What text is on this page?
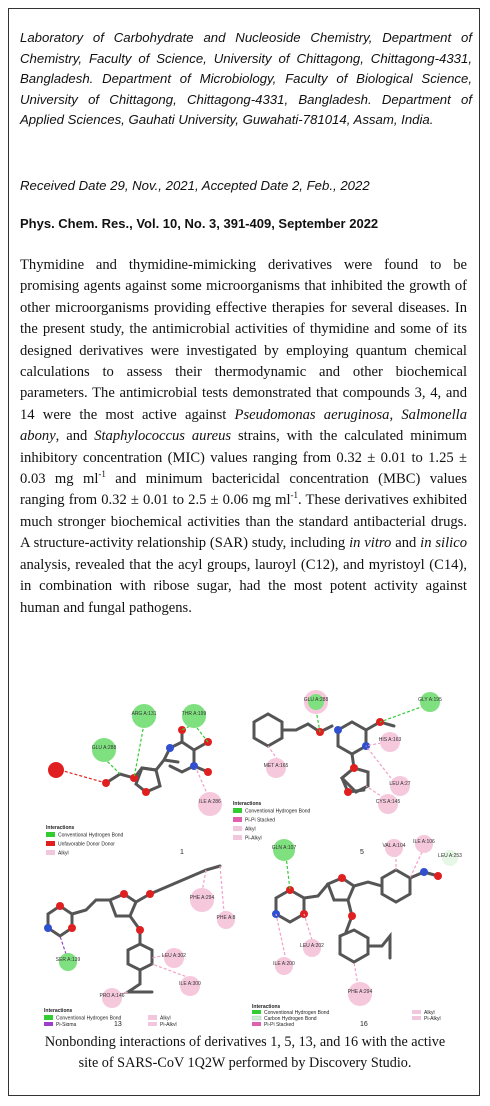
Laboratory of Carbohydrate and Nucleoside Chemistry, Department of Chemistry, Faculty of Science, University of Chittagong, Chittagong-4331, Bangladesh. Department of Microbiology, Faculty of Biological Science, University of Chittagong, Chittagong-4331, Bangladesh. Department of Applied Sciences, Gauhati University, Guwahati-781014, Assam, India.
Received Date 29, Nov., 2021, Accepted Date 2, Feb., 2022
Phys. Chem. Res., Vol. 10, No. 3, 391-409, September 2022
Thymidine and thymidine-mimicking derivatives were found to be promising agents against some microorganisms that inhibited the growth of other microorganisms providing effective therapies for several diseases. In the present study, the antimicrobial activities of thymidine and some of its designed derivatives were investigated by employing quantum chemical calculations to assess their thermodynamic and other biochemical parameters. The antimicrobial tests demonstrated that compounds 3, 4, and 14 were the most active against Pseudomonas aeruginosa, Salmonella abony, and Staphylococcus aureus strains, with the calculated minimum inhibitory concentration (MIC) values ranging from 0.32 ± 0.01 to 1.25 ± 0.03 mg $ml^{-1}$ and minimum bactericidal concentration (MBC) values ranging from 0.32 ± 0.01 to 2.5 ± 0.06 mg $ml^{-1}$. These derivatives exhibited much stronger biochemical activities than the standard antibacterial drugs. A structure-activity relationship (SAR) study, including in vitro and in silico analysis, revealed that the acyl groups, lauroyl (C12), and myristoyl (C14), in combination with ribose sugar, had the most potent activity against human and fungal pathogens.
GLU A:288
ARG A:131	THR A:199
ILE A:286
Interactions
Conventional Hydrogen Bond
Unfavorable Donor Donor
Alkyl	1
GLU A:288	GLY A:195
MET A:165
HIS A:163
LEU A:27
CYS A:145
Interactions
Conventional Hydrogen Bond
Pi-Pi Stacked
Alkyl
Pi-Alkyl
5
PHE A:294
PHE A:8
LEU A:302
ILE A:300
PRO A:146
SER A:139
Interactions
Conventional Hydrogen Bond
Pi-Sigma
Alkyl
Pi-Alkyl
13
GLN A:107	VAL A:104
ILE A:106
LEU A:253
ILE A:200
LEU A:202
PHE A:294
Interactions
Conventional Hydrogen Bond
Carbon Hydrogen Bond
Pi-Pi Stacked
Alkyl
Pi-Alkyl
16
Nonbonding interactions of derivatives 1, 5, 13, and 16 with the active
site of SARS-CoV 1Q2W performed by Discovery Studio.
